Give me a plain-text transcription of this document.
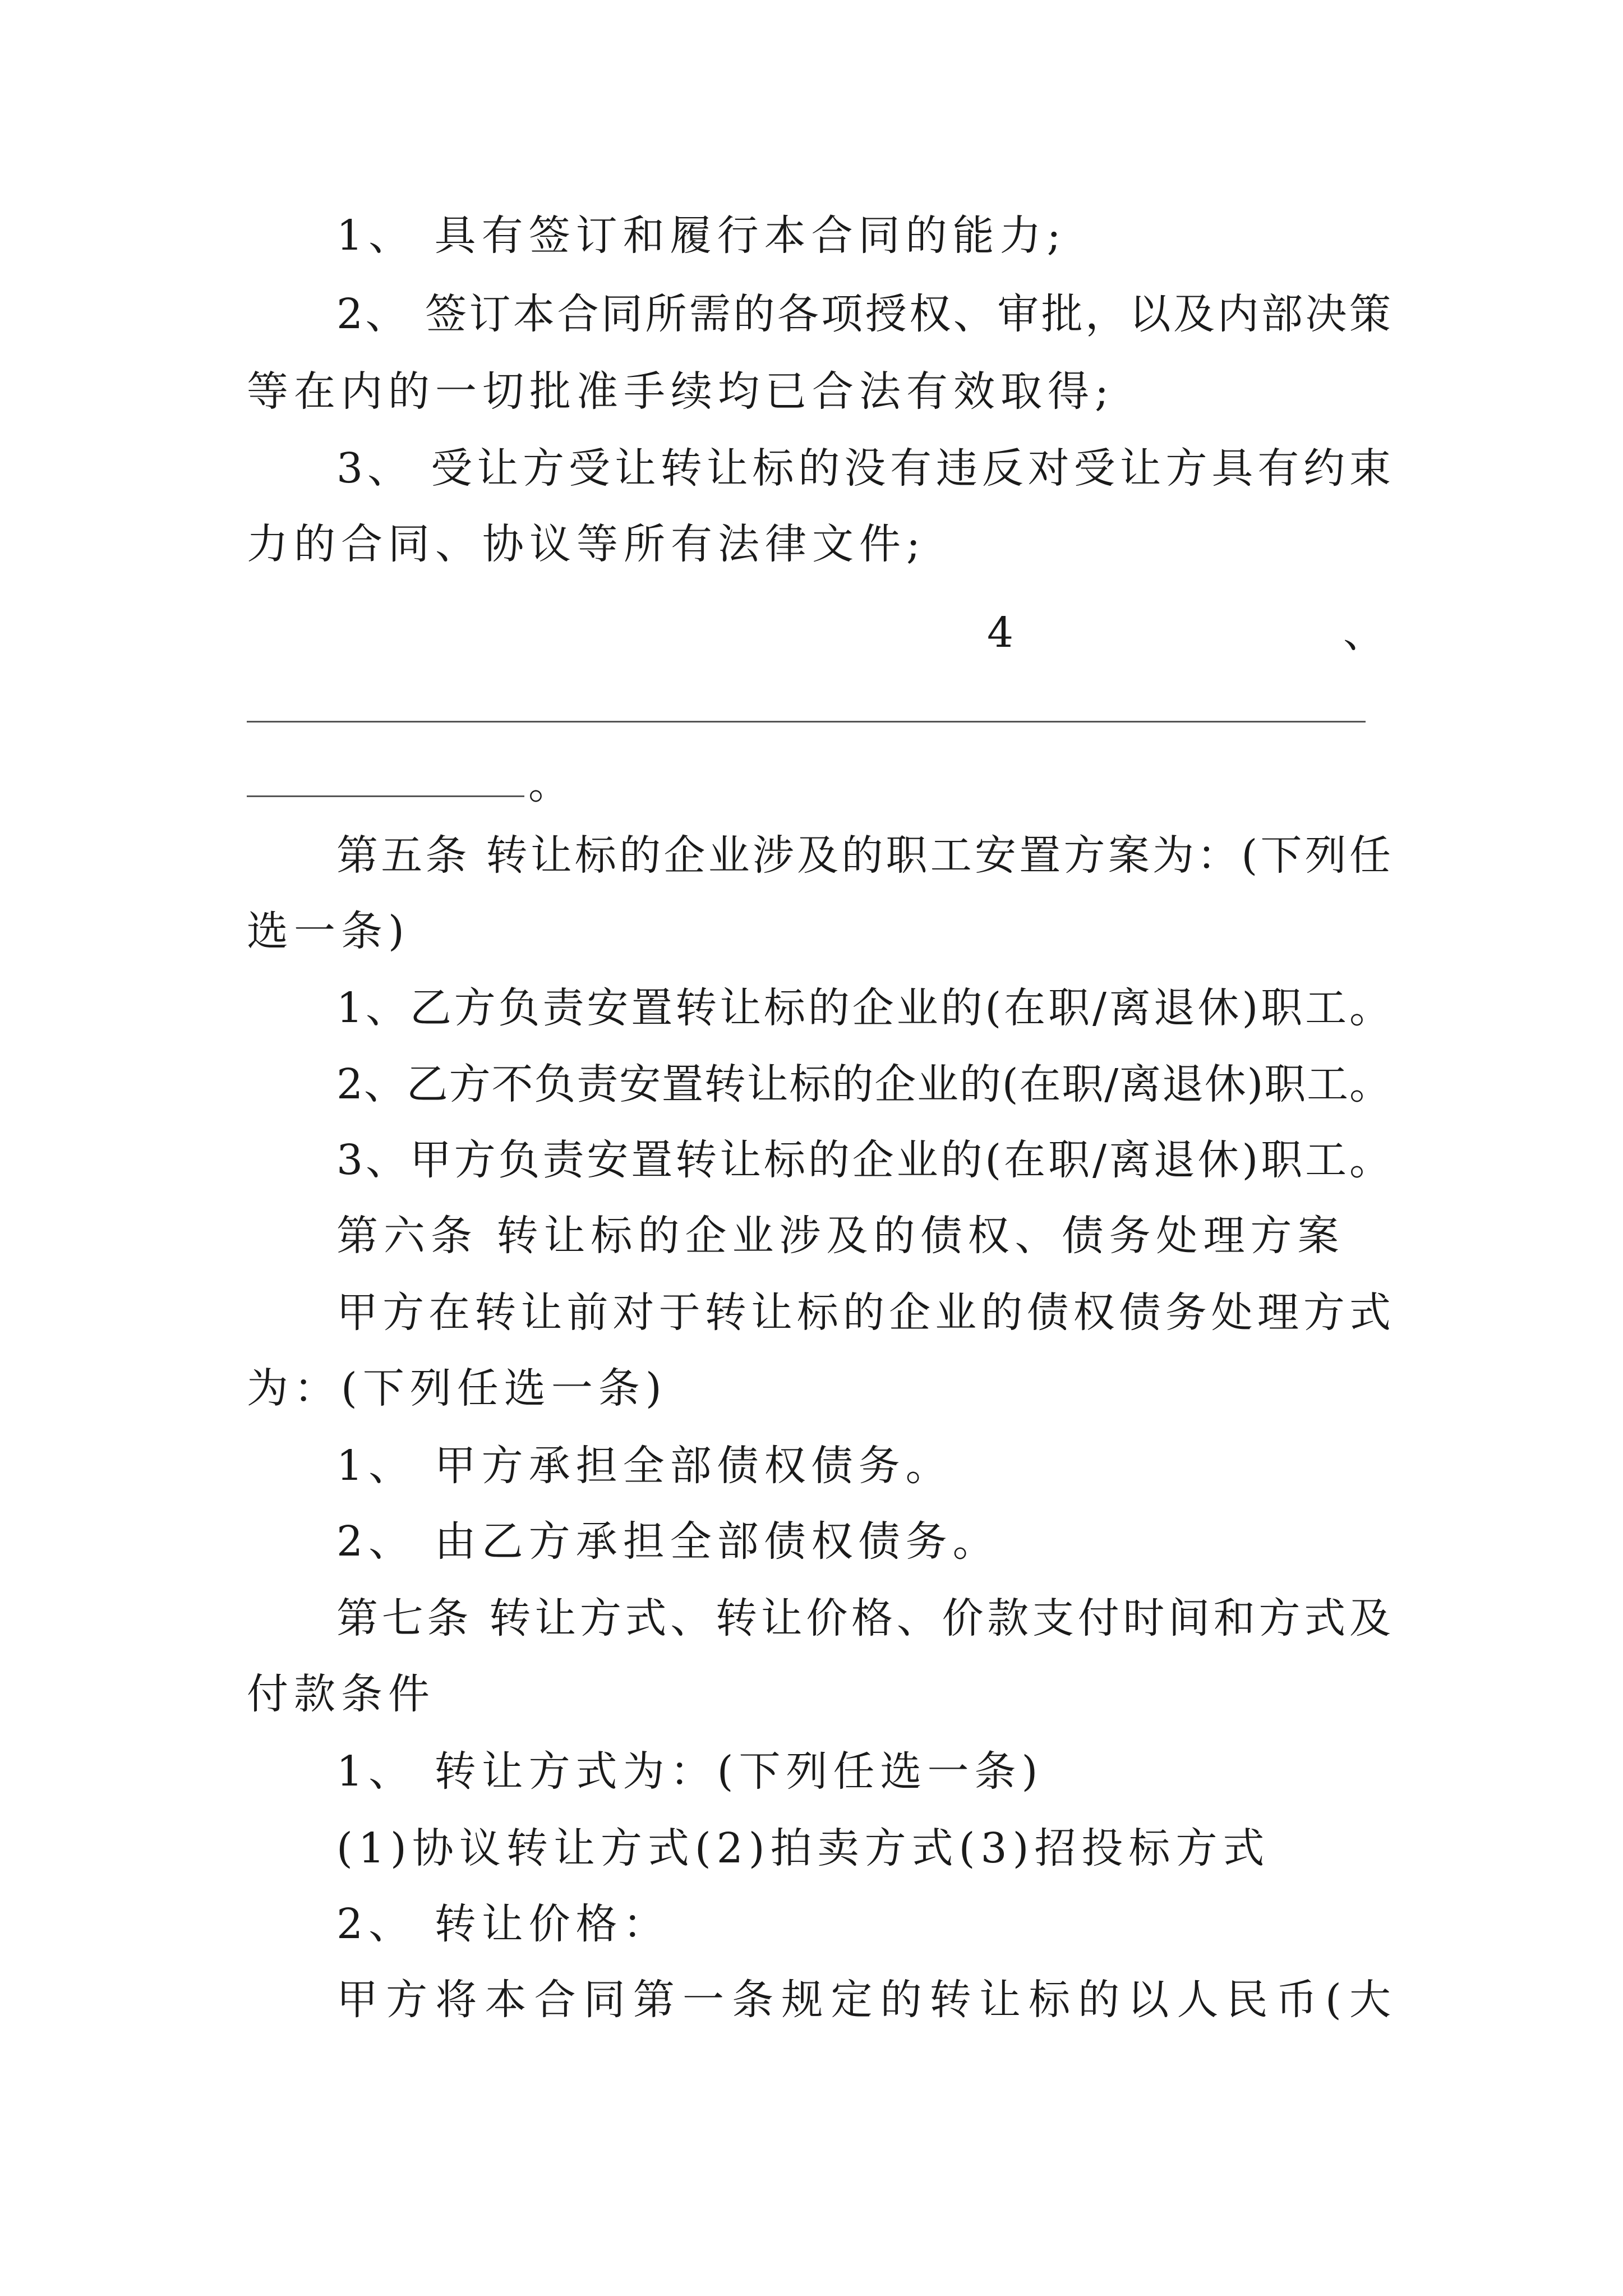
1、 具有签订和履行本合同的能力;
2、 签订本合同所需的各项授权、审批，以及内部决策
等在内的一切批准手续均已合法有效取得;
3、 受让方受让转让标的没有违反对受让方具有约束
力的合同、协议等所有法律文件;
4	、
。
第五条 转让标的企业涉及的职工安置方案为：(下列任
选一条)
1、乙方负责安置转让标的企业的(在职/离退休)职工。
2、乙方不负责安置转让标的企业的(在职/离退休)职工。
3、甲方负责安置转让标的企业的(在职/离退休)职工。
第六条 转让标的企业涉及的债权、债务处理方案
甲方在转让前对于转让标的企业的债权债务处理方式
为：(下列任选一条)
1、 甲方承担全部债权债务。
2、 由乙方承担全部债权债务。
第七条 转让方式、转让价格、价款支付时间和方式及
付款条件
1、 转让方式为：(下列任选一条)
(1)协议转让方式(2)拍卖方式(3)招投标方式
2、 转让价格：
甲方将本合同第一条规定的转让标的以人民币(大
